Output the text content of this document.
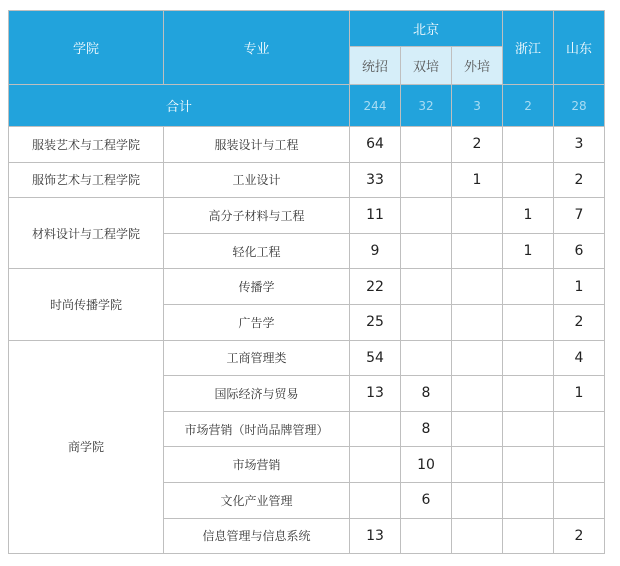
学院	专业	北京			浙江	山东
		统招	双培	外培		
合计		244	32	3	2	28
服装艺术与工程学院	服装设计与工程	64		2		3
服饰艺术与工程学院	工业设计	33		1		2
材料设计与工程学院	高分子材料与工程	11			1	7
	轻化工程	9			1	6
时尚传播学院	传播学	22				1
	广告学	25				2
商学院	工商管理类	54				4
	国际经济与贸易	13	8			1
	市场营销（时尚品牌管理）		8			
	市场营销		10			
	文化产业管理		6			
	信息管理与信息系统	13				2
